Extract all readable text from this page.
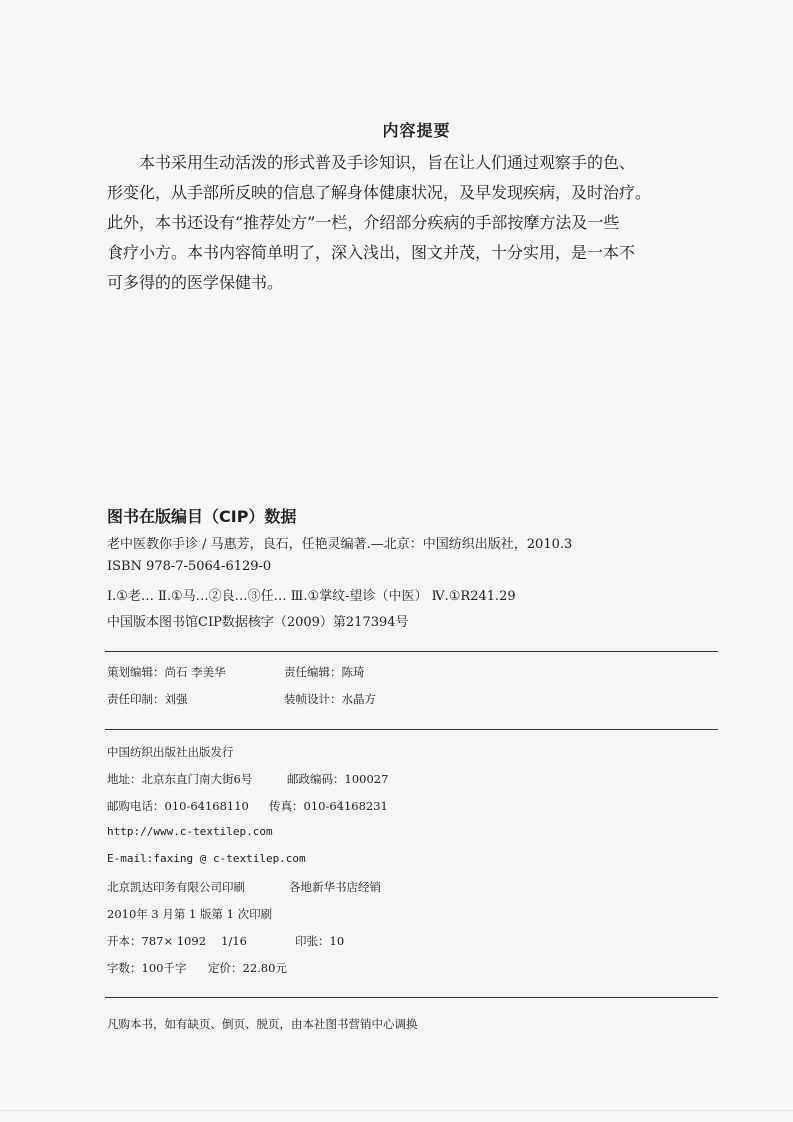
内容提要
　　本书采用生动活泼的形式普及手诊知识，旨在让人们通过观察手的色、
形变化，从手部所反映的信息了解身体健康状况，及早发现疾病，及时治疗。
此外，本书还设有“推荐处方”一栏，介绍部分疾病的手部按摩方法及一些
食疗小方。本书内容简单明了，深入浅出，图文并茂，十分实用，是一本不
可多得的的医学保健书。
图书在版编目（CIP）数据
老中医教你手诊 / 马惠芳，良石，任艳灵编著.—北京：中国纺织出版社，2010.3
ISBN 978-7-5064-6129-0
Ⅰ.①老… Ⅱ.①马…②良…③任… Ⅲ.①掌纹-望诊（中医） Ⅳ.①R241.29
中国版本图书馆CIP数据核字（2009）第217394号
策划编辑：尚石 李美华	责任编辑：陈琦
责任印制：刘强	装帧设计：水晶方
中国纺织出版社出版发行
地址：北京东直门南大街6号	邮政编码：100027
邮购电话：010-64168110 传真：010-64168231
http://www.c-textilep.com
E-mail:faxing @ c-textilep.com
北京凯达印务有限公司印刷	各地新华书店经销
2010年 3 月第 1 版第 1 次印刷
开本：787× 1092　 1/16	印张：10
字数：100千字 定价：22.80元
凡购本书，如有缺页、倒页、脱页，由本社图书营销中心调换
